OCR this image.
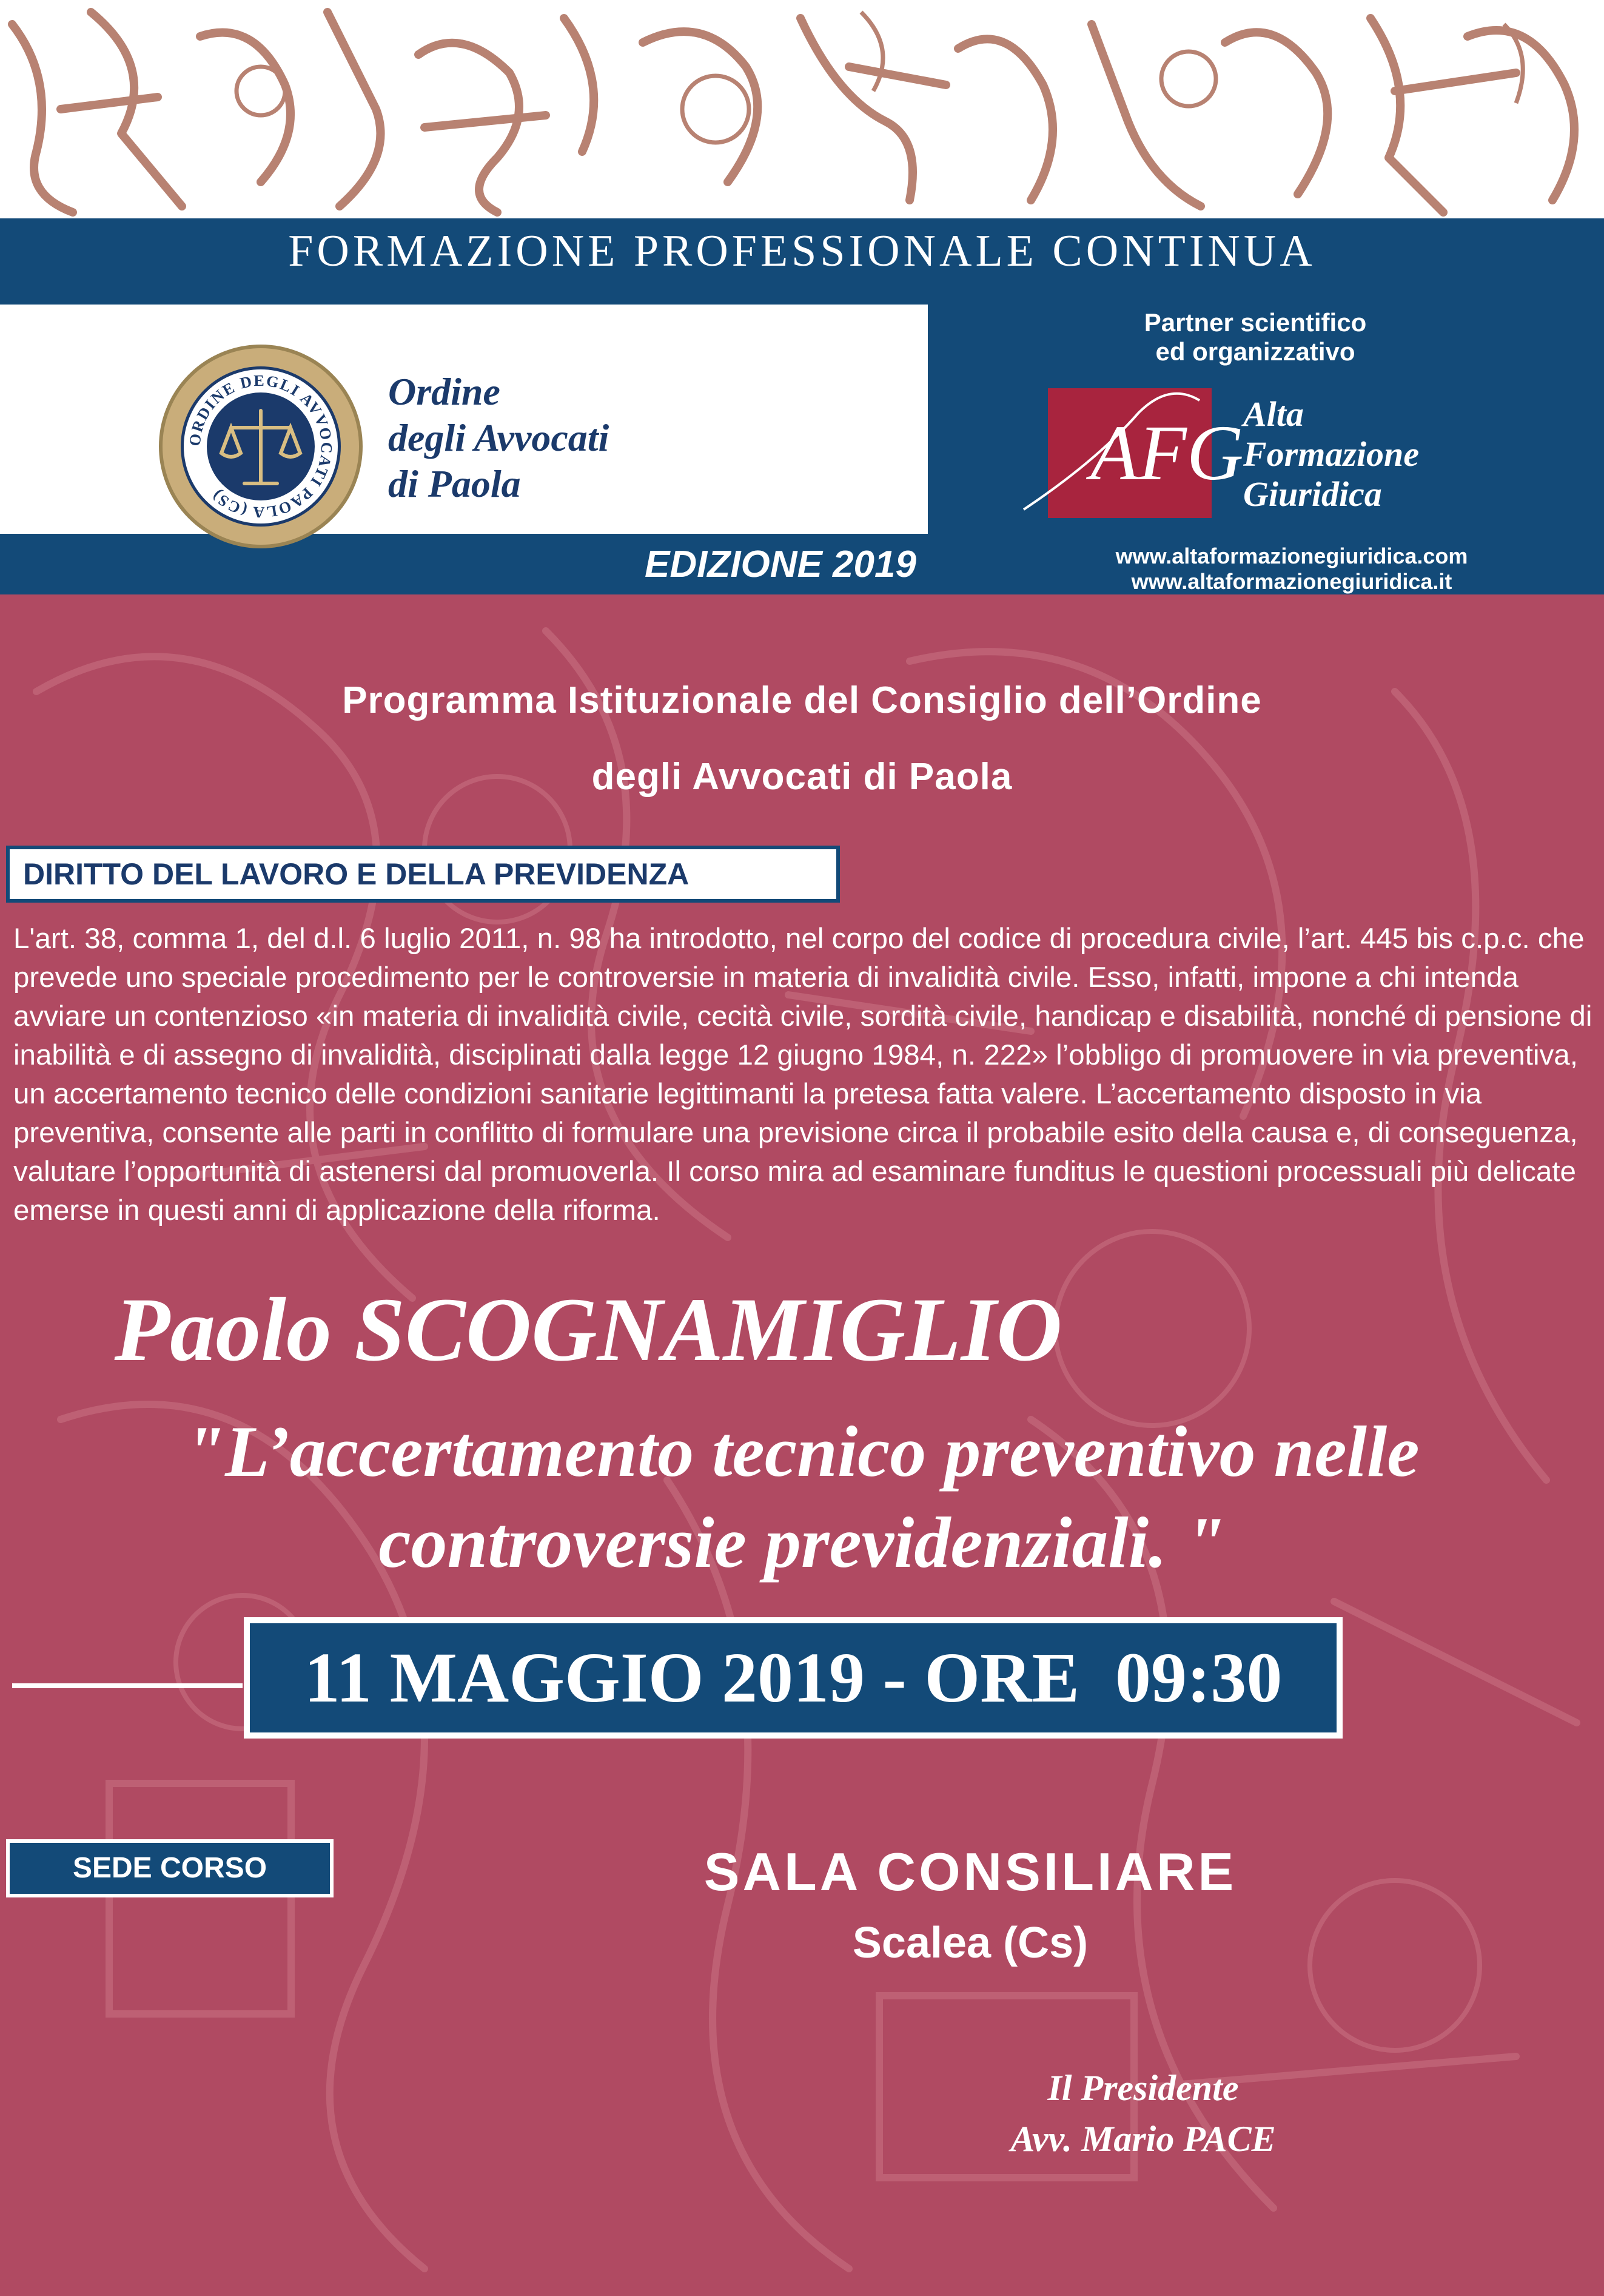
FORMAZIONE PROFESSIONALE CONTINUA
ORDINE DEGLI AVVOCATI PAOLA (CS)
Ordine
degli Avvocati
di Paola
EDIZIONE 2019
Partner scientifico
ed organizzativo
AFG Alta
Formazione
Giuridica
www.altaformazionegiuridica.com
www.altaformazionegiuridica.it
Programma Istituzionale del Consiglio dell’Ordine
degli Avvocati di Paola
DIRITTO DEL LAVORO E DELLA PREVIDENZA
L'art. 38, comma 1, del d.l. 6 luglio 2011, n. 98 ha introdotto, nel corpo del codice di procedura civile, l’art. 445 bis c.p.c. che prevede uno speciale procedimento per le controversie in materia di invalidità civile. Esso, infatti, impone a chi intenda avviare un contenzioso «in materia di invalidità civile, cecità civile, sordità civile, handicap e disabilità, nonché di pensione di inabilità e di assegno di invalidità, disciplinati dalla legge 12 giugno 1984, n. 222» l’obbligo di promuovere in via preventiva, un accertamento tecnico delle condizioni sanitarie legittimanti la pretesa fatta valere. L’accertamento disposto in via preventiva, consente alle parti in conflitto di formulare una previsione circa il probabile esito della causa e, di conseguenza, valutare l’opportunità di astenersi dal promuoverla. Il corso mira ad esaminare funditus le questioni processuali più delicate emerse in questi anni di applicazione della riforma.
Paolo SCOGNAMIGLIO
"L’accertamento tecnico preventivo nelle
controversie previdenziali. "
11 MAGGIO 2019 - ORE  09:30
SEDE CORSO	SALA CONSILIARE
Scalea (Cs)
Il Presidente
Avv. Mario PACE
